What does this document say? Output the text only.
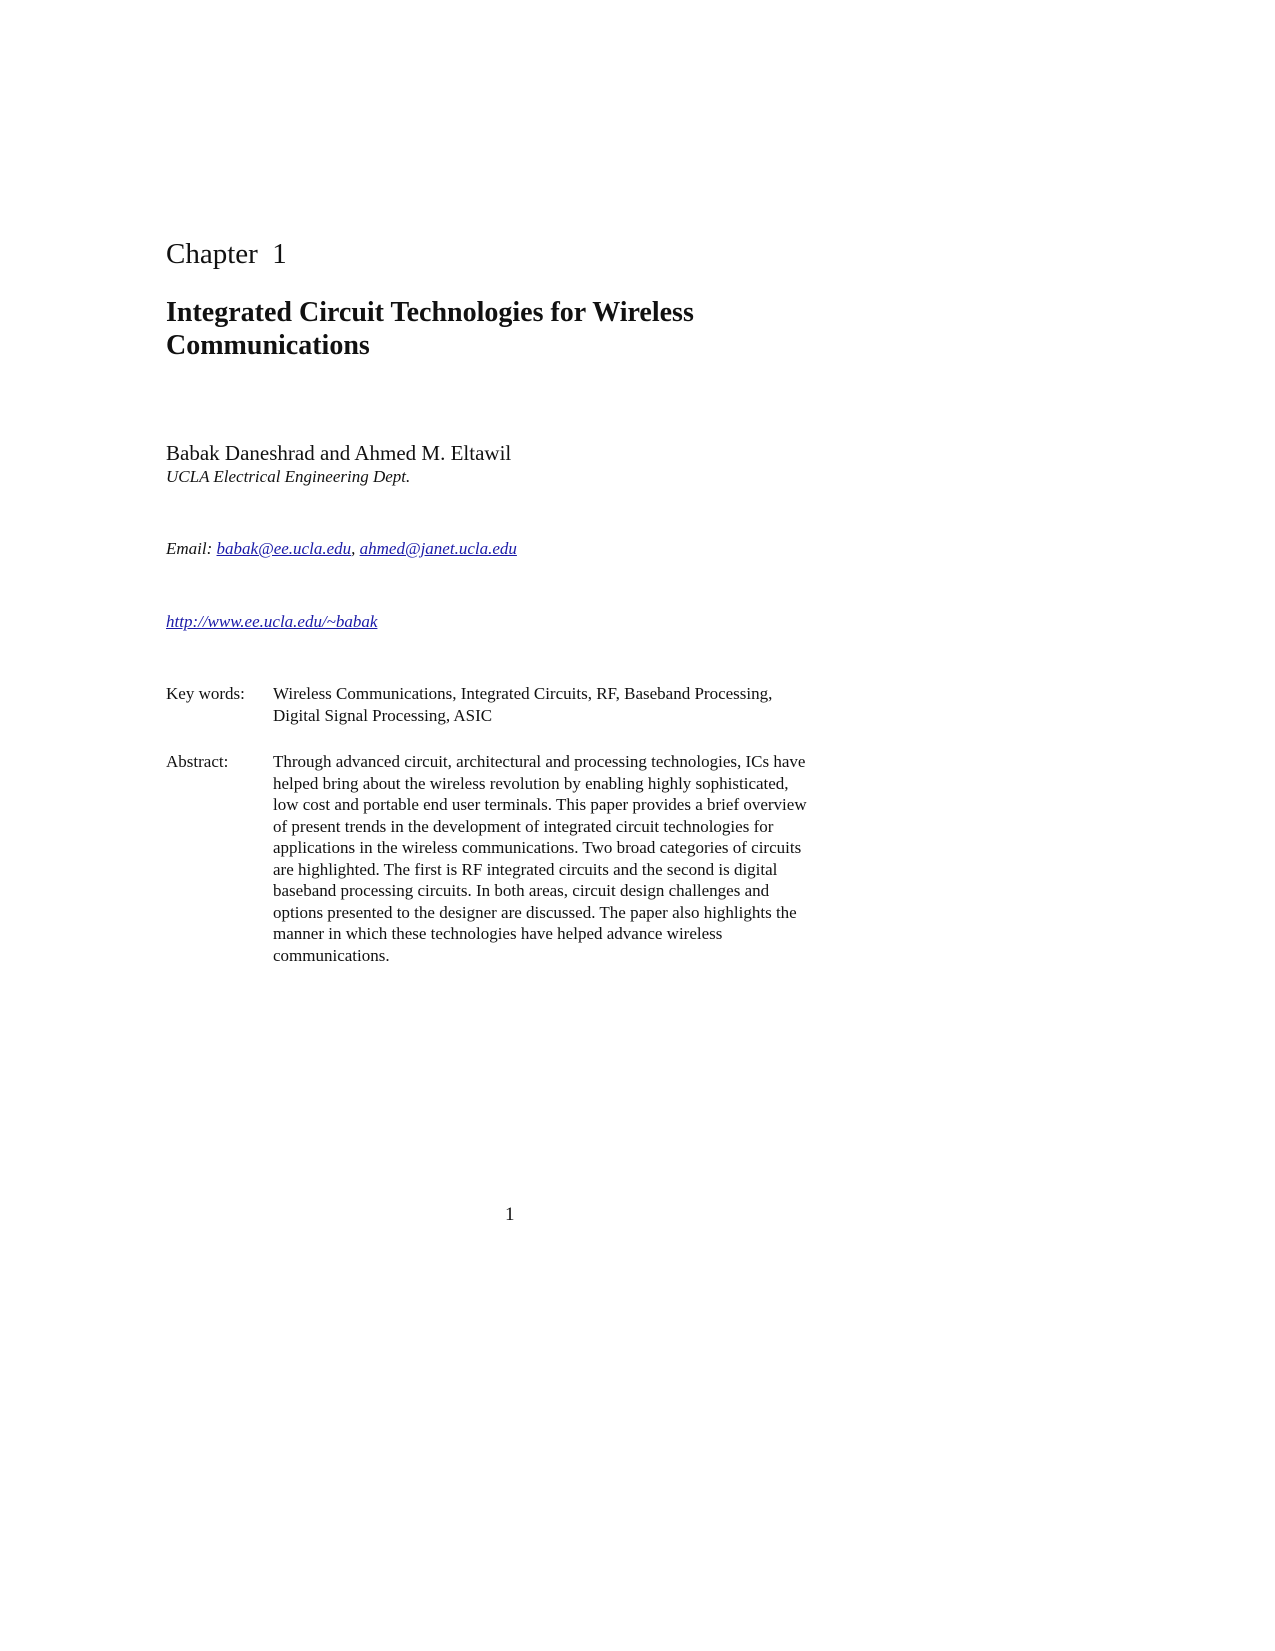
Chapter  1
Integrated Circuit Technologies for Wireless
Communications
Babak Daneshrad and Ahmed M. Eltawil
UCLA Electrical Engineering Dept.
Email: babak@ee.ucla.edu, ahmed@janet.ucla.edu
http://www.ee.ucla.edu/~babak
Key words: Wireless Communications, Integrated Circuits, RF, Baseband Processing,
Digital Signal Processing, ASIC
Abstract:	Through advanced circuit, architectural and processing technologies, ICs have
helped bring about the wireless revolution by enabling highly sophisticated,
low cost and portable end user terminals. This paper provides a brief overview
of present trends in the development of integrated circuit technologies for
applications in the wireless communications. Two broad categories of circuits
are highlighted. The first is RF integrated circuits and the second is digital
baseband processing circuits. In both areas, circuit design challenges and
options presented to the designer are discussed. The paper also highlights the
manner in which these technologies have helped advance wireless
communications.
1
